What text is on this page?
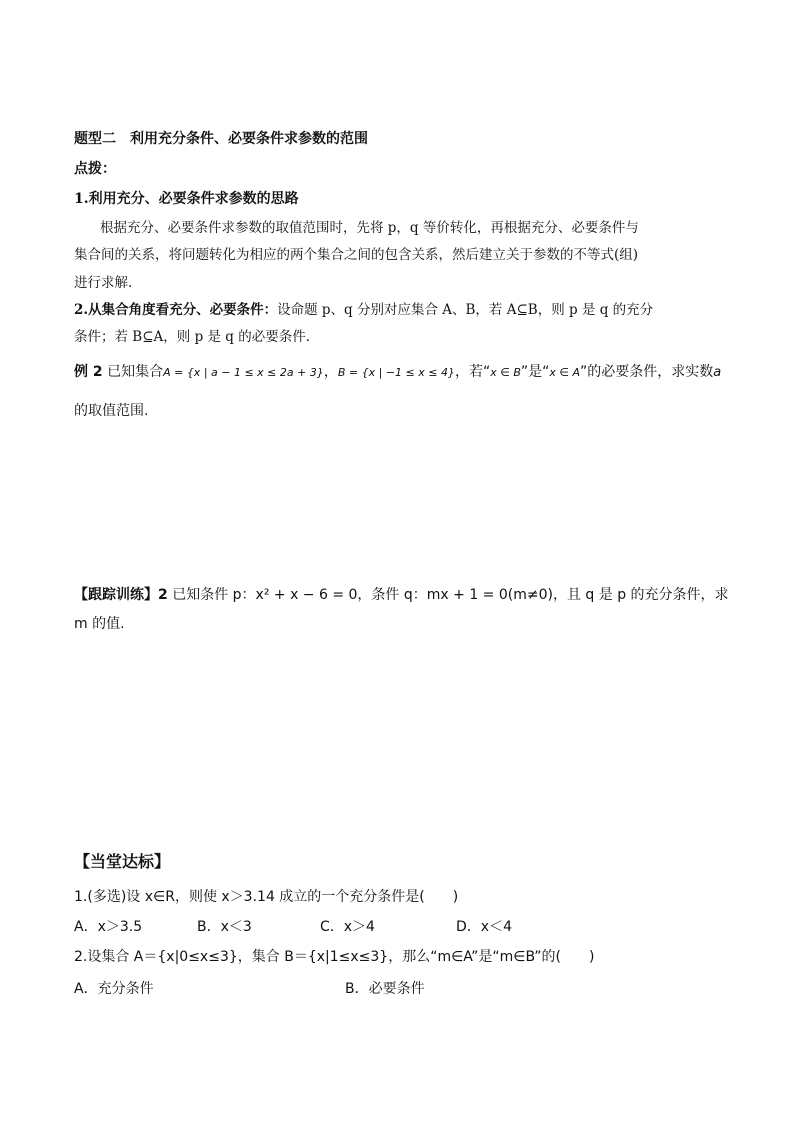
题型二　利用充分条件、必要条件求参数的范围
点拨：
1.利用充分、必要条件求参数的思路
根据充分、必要条件求参数的取值范围时，先将 p，q 等价转化，再根据充分、必要条件与
集合间的关系，将问题转化为相应的两个集合之间的包含关系，然后建立关于参数的不等式(组)
进行求解.
2.从集合角度看充分、必要条件：设命题 p、q 分别对应集合 A、B，若 A⊆B，则 p 是 q 的充分
条件；若 B⊆A，则 p 是 q 的必要条件.
例 2 已知集合A = {x | a − 1 ≤ x ≤ 2a + 3}，B = {x | −1 ≤ x ≤ 4}，若“x ∈ B”是“x ∈ A”的必要条件，求实数a
的取值范围.
【跟踪训练】2 已知条件 p：x² + x − 6 = 0，条件 q：mx + 1 = 0(m≠0)，且 q 是 p 的充分条件，求
m 的值.
【当堂达标】
1.(多选)设 x∈R，则使 x＞3.14 成立的一个充分条件是(　　)
A．x＞3.5	B．x＜3	C．x＞4	D．x＜4
2.设集合 A＝{x|0≤x≤3}，集合 B＝{x|1≤x≤3}，那么“m∈A”是“m∈B”的(　　)
A．充分条件	B．必要条件
